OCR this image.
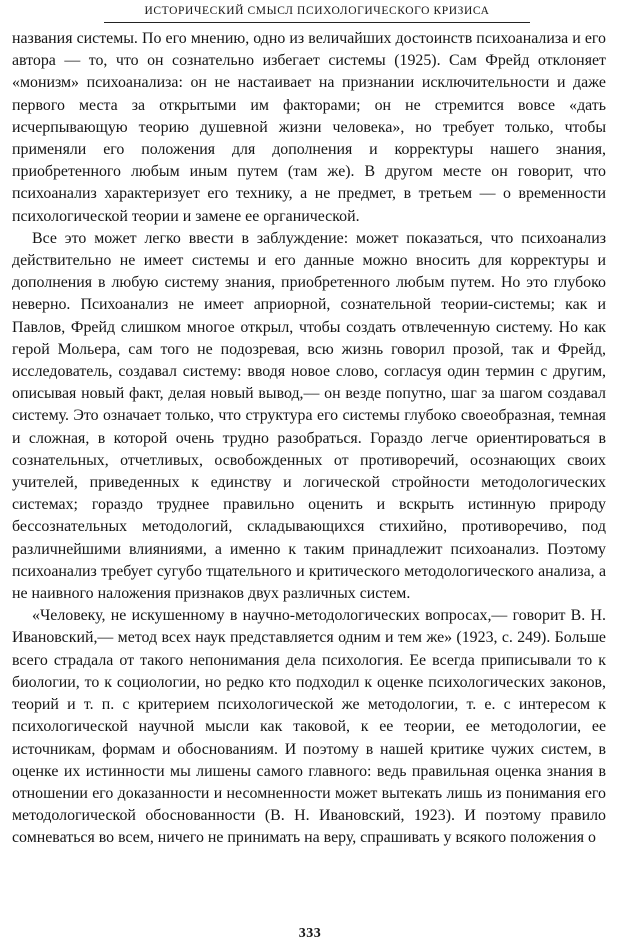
ИСТОРИЧЕСКИЙ СМЫСЛ ПСИХОЛОГИЧЕСКОГО КРИЗИСА

названия системы. По его мнению, одно из величайших достоинств психоанализа и его автора — то, что он сознательно избегает системы (1925). Сам Фрейд отклоняет «монизм» психоанализа: он не настаивает на признании исключительности и даже первого места за открытыми им факторами; он не стремится вовсе «дать исчерпывающую теорию душевной жизни человека», но требует только, чтобы применяли его положения для дополнения и корректуры нашего знания, приобретенного любым иным путем (там же). В другом месте он говорит, что психоанализ характеризует его технику, а не предмет, в третьем — о временности психологической теории и замене ее органической.

Все это может легко ввести в заблуждение: может показаться, что психоанализ действительно не имеет системы и его данные можно вносить для корректуры и дополнения в любую систему знания, приобретенного любым путем. Но это глубоко неверно. Психоанализ не имеет априорной, сознательной теории-системы; как и Павлов, Фрейд слишком многое открыл, чтобы создать отвлеченную систему. Но как герой Мольера, сам того не подозревая, всю жизнь говорил прозой, так и Фрейд, исследователь, создавал систему: вводя новое слово, согласуя один термин с другим, описывая новый факт, делая новый вывод,— он везде попутно, шаг за шагом создавал систему. Это означает только, что структура его системы глубоко своеобразная, темная и сложная, в которой очень трудно разобраться. Гораздо легче ориентироваться в сознательных, отчетливых, освобожденных от противоречий, осознающих своих учителей, приведенных к единству и логической стройности методологических системах; гораздо труднее правильно оценить и вскрыть истинную природу бессознательных методологий, складывающихся стихийно, противоречиво, под различнейшими влияниями, а именно к таким принадлежит психоанализ. Поэтому психоанализ требует сугубо тщательного и критического методологического анализа, а не наивного наложения признаков двух различных систем.

«Человеку, не искушенному в научно-методологических вопросах,— говорит В. Н. Ивановский,— метод всех наук представляется одним и тем же» (1923, с. 249). Больше всего страдала от такого непонимания дела психология. Ее всегда приписывали то к биологии, то к социологии, но редко кто подходил к оценке психологических законов, теорий и т. п. с критерием психологической же методологии, т. е. с интересом к психологической научной мысли как таковой, к ее теории, ее методологии, ее источникам, формам и обоснованиям. И поэтому в нашей критике чужих систем, в оценке их истинности мы лишены самого главного: ведь правильная оценка знания в отношении его доказанности и несомненности может вытекать лишь из понимания его методологической обоснованности (В. Н. Ивановский, 1923). И поэтому правило сомневаться во всем, ничего не принимать на веру, спрашивать у всякого положения о

333
